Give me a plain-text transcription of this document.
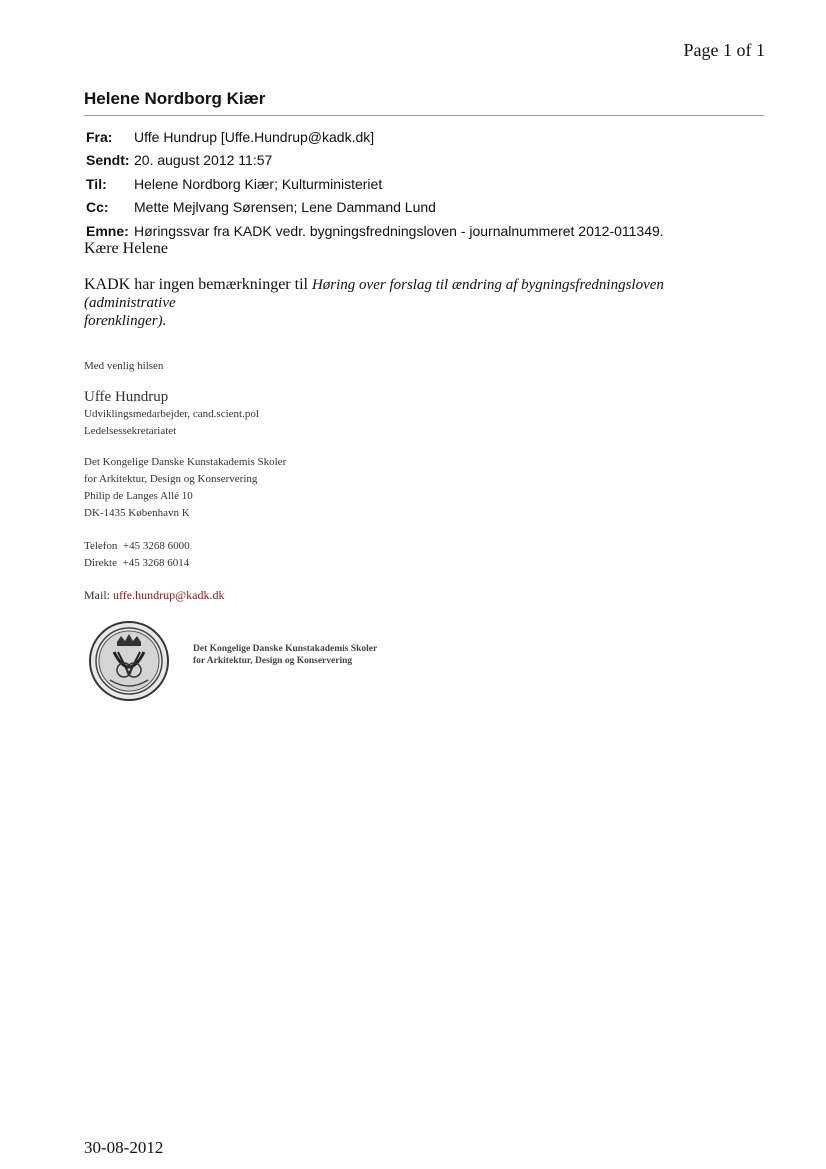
Page 1 of 1
Helene Nordborg Kiær
Fra:	Uffe Hundrup [Uffe.Hundrup@kadk.dk]
Sendt: 20. august 2012 11:57
Til:	Helene Nordborg Kiær; Kulturministeriet
Cc:	Mette Mejlvang Sørensen; Lene Dammand Lund
Emne: Høringssvar fra KADK vedr. bygningsfredningsloven - journalnummeret 2012-011349.
Kære Helene
KADK har ingen bemærkninger til Høring over forslag til ændring af bygningsfredningsloven
(administrative
forenklinger).
Med venlig hilsen
Uffe Hundrup
Udviklingsmedarbejder, cand.scient.pol
Ledelsessekretariatet
Det Kongelige Danske Kunstakademis Skoler
for Arkitektur, Design og Konservering
Philip de Langes Allé 10
DK-1435 København K
Telefon  +45 3268 6000
Direkte  +45 3268 6014
Mail: uffe.hundrup@kadk.dk
Det Kongelige Danske Kunstakademis Skoler
for Arkitektur, Design og Konservering
30-08-2012
